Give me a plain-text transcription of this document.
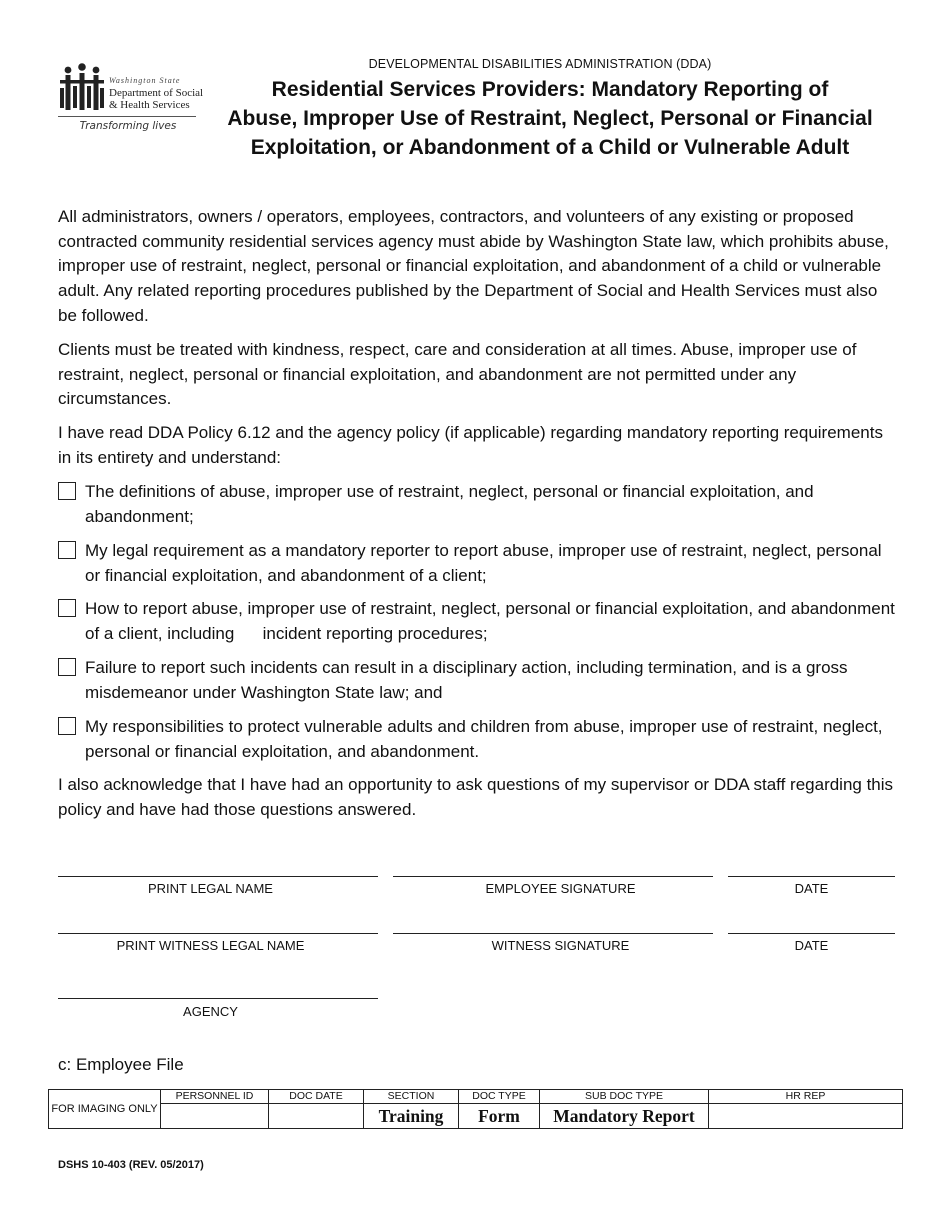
Washington State
Department of Social
& Health Services
Transforming lives
DEVELOPMENTAL DISABILITIES ADMINISTRATION (DDA)
Residential Services Providers: Mandatory Reporting of
Abuse, Improper Use of Restraint, Neglect, Personal or Financial
Exploitation, or Abandonment of a Child or Vulnerable Adult
All administrators, owners / operators, employees, contractors, and volunteers of any existing or proposed contracted community residential services agency must abide by Washington State law, which prohibits abuse, improper use of restraint, neglect, personal or financial exploitation, and abandonment of a child or vulnerable adult. Any related reporting procedures published by the Department of Social and Health Services must also be followed.
Clients must be treated with kindness, respect, care and consideration at all times. Abuse, improper use of restraint, neglect, personal or financial exploitation, and abandonment are not permitted under any circumstances.
I have read DDA Policy 6.12 and the agency policy (if applicable) regarding mandatory reporting requirements in its entirety and understand:
The definitions of abuse, improper use of restraint, neglect, personal or financial exploitation, and abandonment;
My legal requirement as a mandatory reporter to report abuse, improper use of restraint, neglect, personal or financial exploitation, and abandonment of a client;
How to report abuse, improper use of restraint, neglect, personal or financial exploitation, and abandonment of a client, including      incident reporting procedures;
Failure to report such incidents can result in a disciplinary action, including termination, and is a gross misdemeanor under Washington State law; and
My responsibilities to protect vulnerable adults and children from abuse, improper use of restraint, neglect, personal or financial exploitation, and abandonment.
I also acknowledge that I have had an opportunity to ask questions of my supervisor or DDA staff regarding this policy and have had those questions answered.
PRINT LEGAL NAME	EMPLOYEE SIGNATURE	DATE
PRINT WITNESS LEGAL NAME	WITNESS SIGNATURE	DATE
AGENCY
c: Employee File
FOR IMAGING ONLY	PERSONNEL ID	DOC DATE	SECTION	DOC TYPE	SUB DOC TYPE	HR REP
			Training	Form	Mandatory Report	
DSHS 10-403 (REV. 05/2017)
